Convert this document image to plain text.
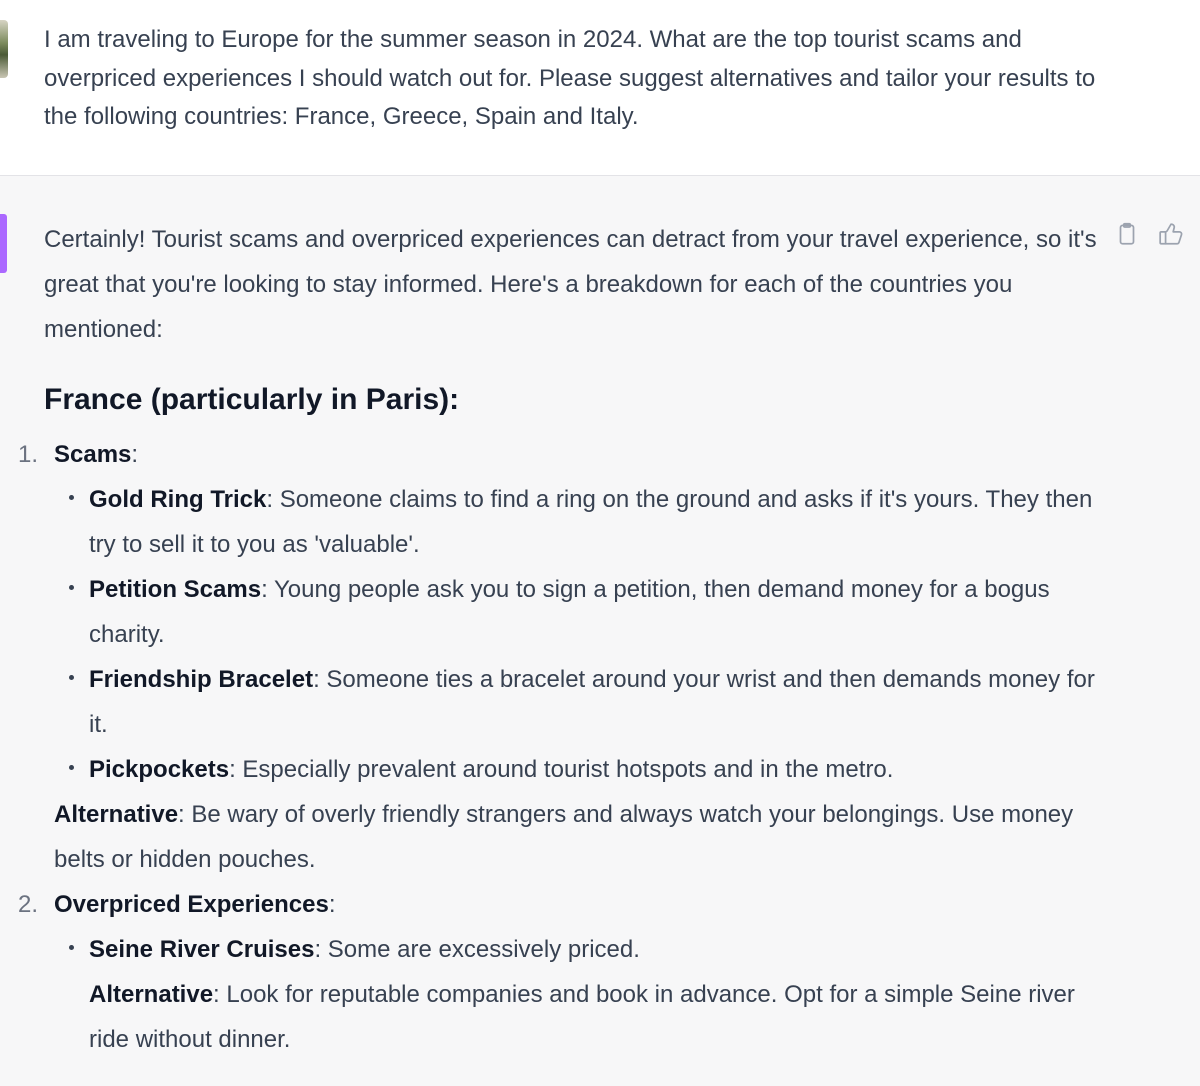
I am traveling to Europe for the summer season in 2024. What are the top tourist scams and overpriced experiences I should watch out for. Please suggest alternatives and tailor your results to the following countries: France, Greece, Spain and Italy.

Certainly! Tourist scams and overpriced experiences can detract from your travel experience, so it's great that you're looking to stay informed. Here's a breakdown for each of the countries you mentioned:

France (particularly in Paris):
1. Scams:
Gold Ring Trick: Someone claims to find a ring on the ground and asks if it's yours. They then try to sell it to you as 'valuable'.
Petition Scams: Young people ask you to sign a petition, then demand money for a bogus charity.
Friendship Bracelet: Someone ties a bracelet around your wrist and then demands money for it.
Pickpockets: Especially prevalent around tourist hotspots and in the metro.
Alternative: Be wary of overly friendly strangers and always watch your belongings. Use money belts or hidden pouches.
2. Overpriced Experiences:
Seine River Cruises: Some are excessively priced.
Alternative: Look for reputable companies and book in advance. Opt for a simple Seine river ride without dinner.
